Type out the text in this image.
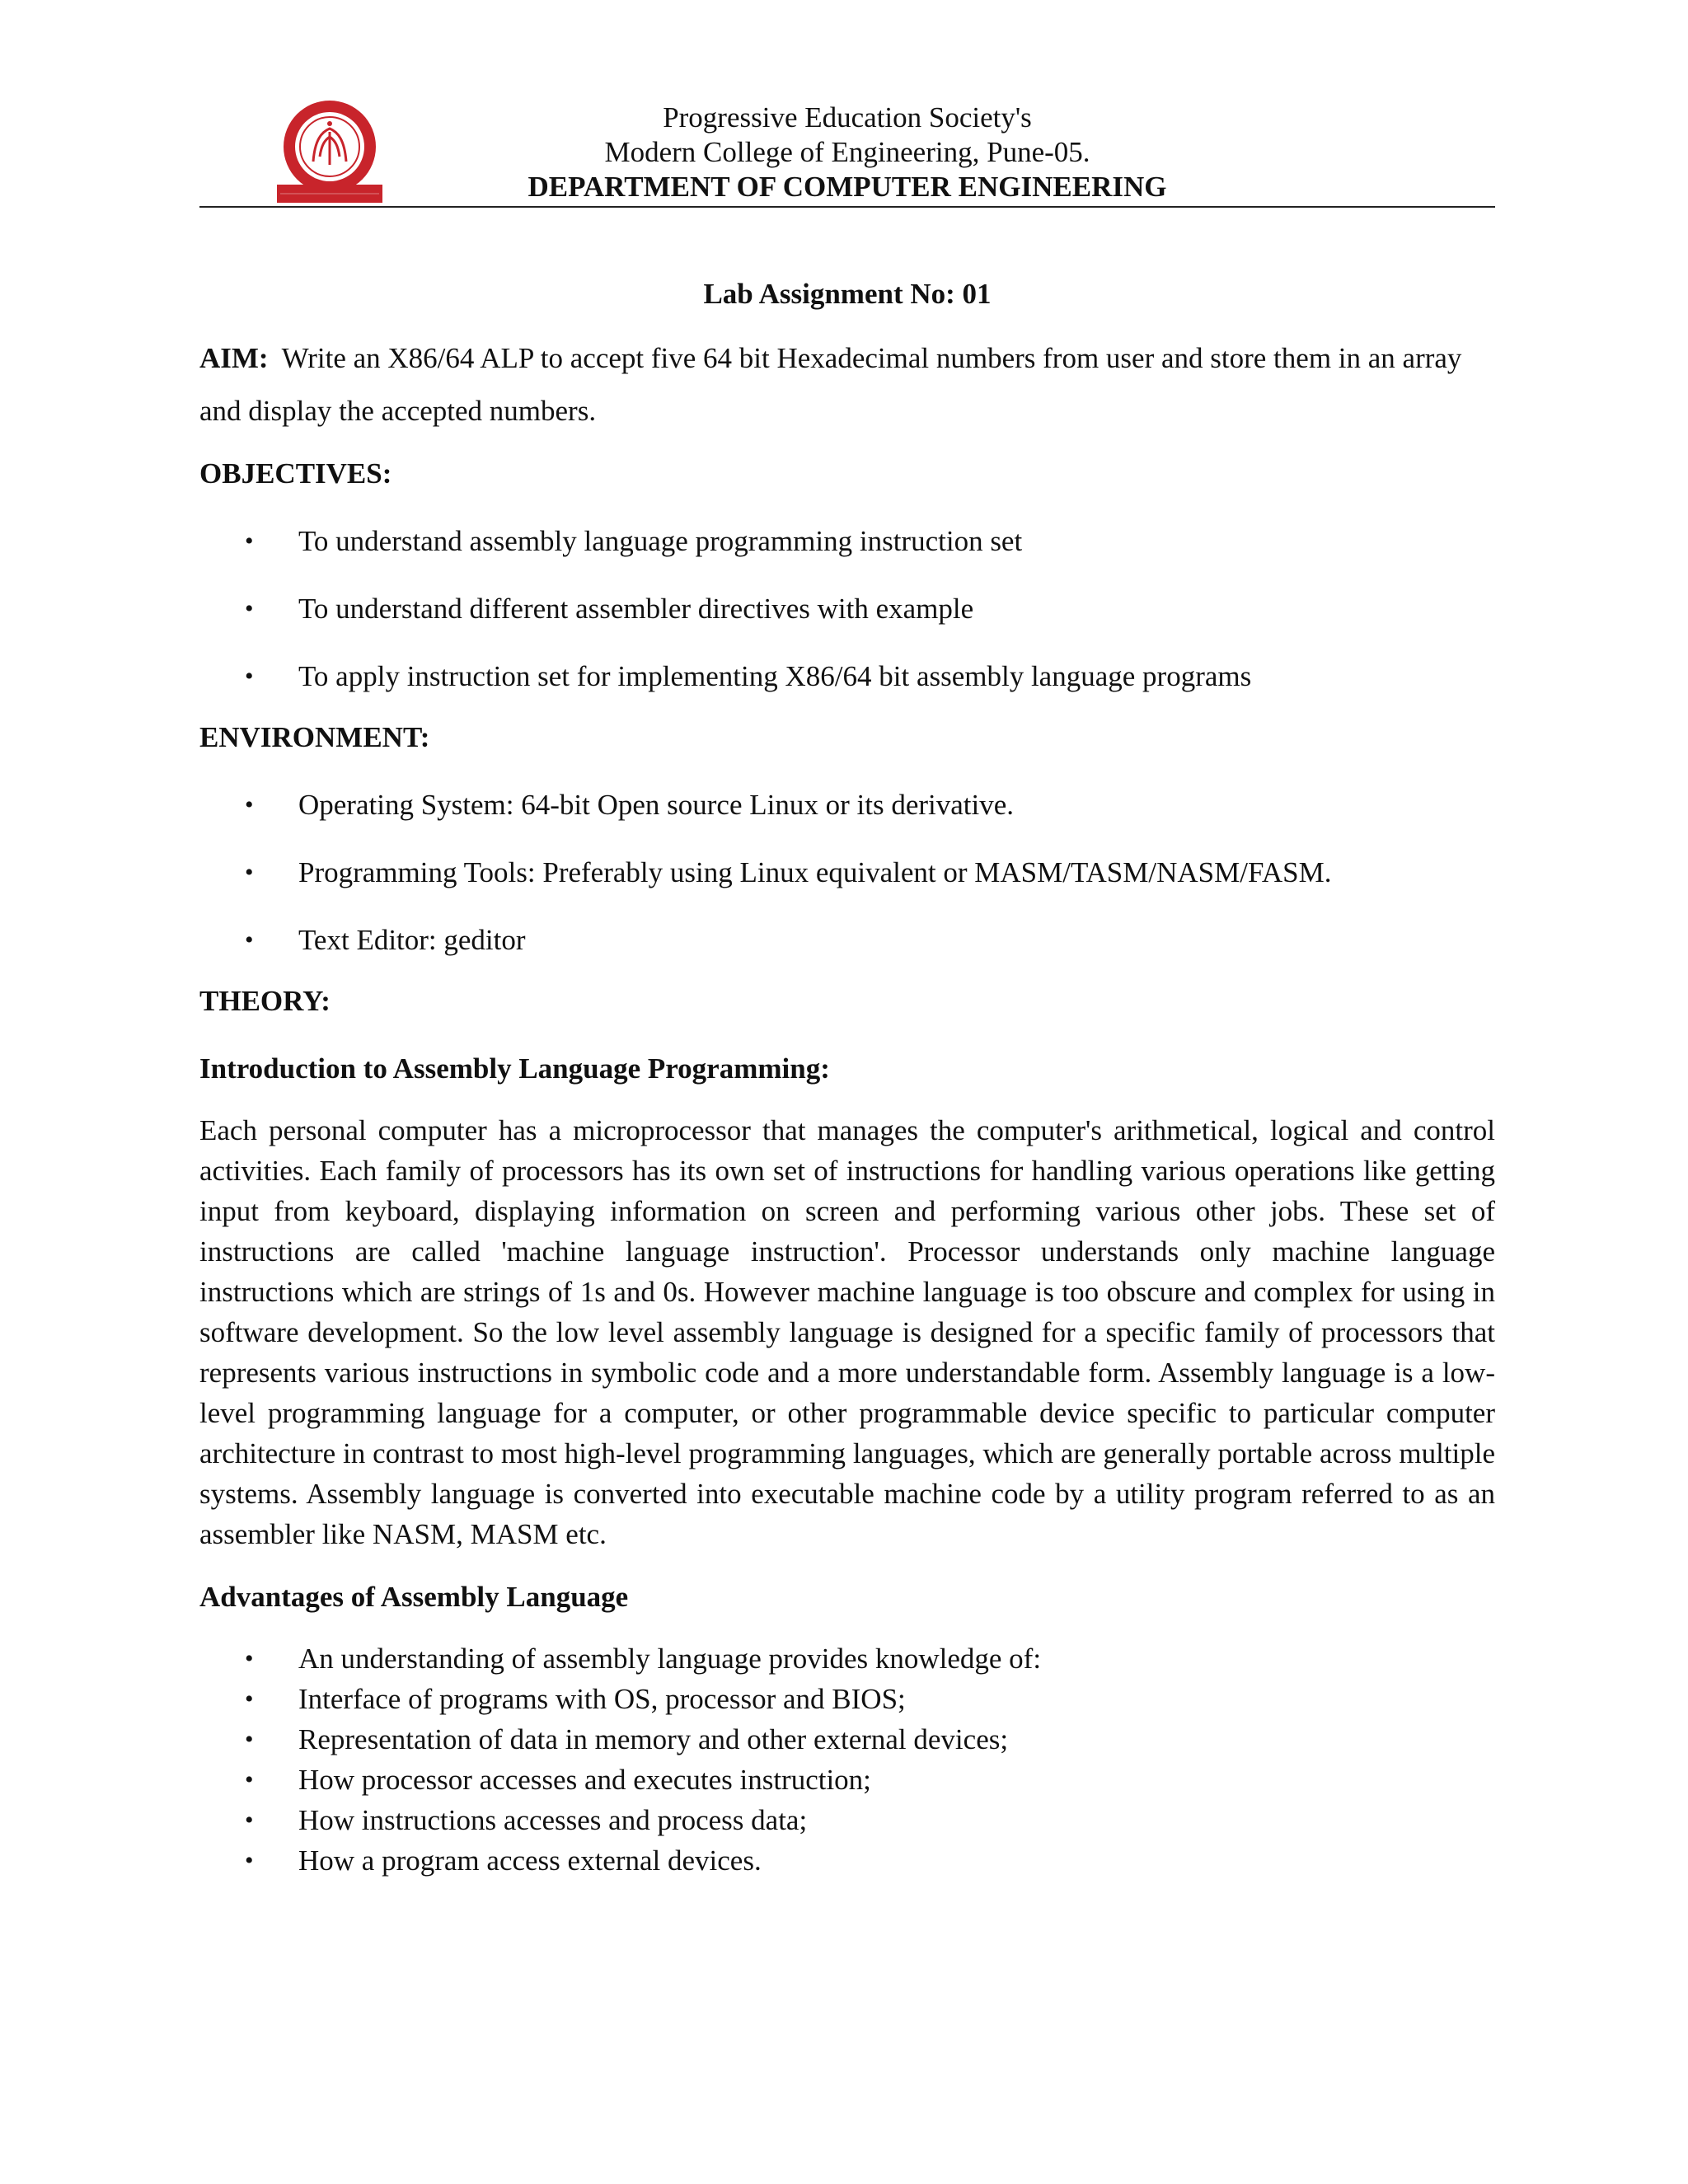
Progressive Education Society's
Modern College of Engineering, Pune-05.
DEPARTMENT OF COMPUTER ENGINEERING
Lab Assignment No: 01

AIM: Write an X86/64 ALP to accept five 64 bit Hexadecimal numbers from user and store them in an array and display the accepted numbers.

OBJECTIVES:
• To understand assembly language programming instruction set
• To understand different assembler directives with example
• To apply instruction set for implementing X86/64 bit assembly language programs
ENVIRONMENT:
• Operating System: 64-bit Open source Linux or its derivative.
• Programming Tools: Preferably using Linux equivalent or MASM/TASM/NASM/FASM.
• Text Editor: geditor
THEORY:
Introduction to Assembly Language Programming:

Each personal computer has a microprocessor that manages the computer's arithmetical, logical and control activities. Each family of processors has its own set of instructions for handling various operations like getting input from keyboard, displaying information on screen and performing various other jobs. These set of instructions are called 'machine language instruction'. Processor understands only machine language instructions which are strings of 1s and 0s. However machine language is too obscure and complex for using in software development. So the low level assembly language is designed for a specific family of processors that represents various instructions in symbolic code and a more understandable form. Assembly language is a low-level programming language for a computer, or other programmable device specific to particular computer architecture in contrast to most high-level programming languages, which are generally portable across multiple systems. Assembly language is converted into executable machine code by a utility program referred to as an assembler like NASM, MASM etc.

Advantages of Assembly Language
• An understanding of assembly language provides knowledge of:
• Interface of programs with OS, processor and BIOS;
• Representation of data in memory and other external devices;
• How processor accesses and executes instruction;
• How instructions accesses and process data;
• How a program access external devices.
